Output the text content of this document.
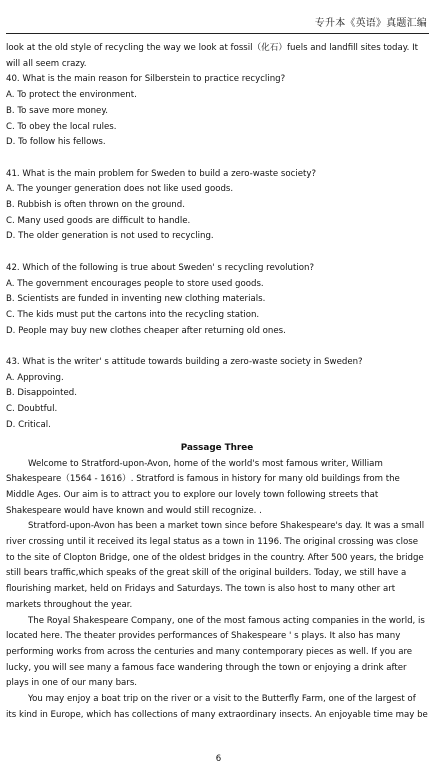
专升本《英语》真题汇编
look at the old style of recycling the way we look at fossil（化石）fuels and landfill sites today. It
will all seem crazy.
40. What is the main reason for Silberstein to practice recycling?
A. To protect the environment.
B. To save more money.
C. To obey the local rules.
D. To follow his fellows.
41. What is the main problem for Sweden to build a zero-waste society?
A. The younger generation does not like used goods.
B. Rubbish is often thrown on the ground.
C. Many used goods are difficult to handle.
D. The older generation is not used to recycling.
42. Which of the following is true about Sweden' s recycling revolution?
A. The government encourages people to store used goods.
B. Scientists are funded in inventing new clothing materials.
C. The kids must put the cartons into the recycling station.
D. People may buy new clothes cheaper after returning old ones.
43. What is the writer' s attitude towards building a zero-waste society in Sweden?
A. Approving.
B. Disappointed.
C. Doubtful.
D. Critical.
Passage Three
Welcome to Stratford-upon-Avon, home of the world's most famous writer, William Shakespeare（1564 - 1616）. Stratford is famous in history for many old buildings from the Middle Ages. Our aim is to attract you to explore our lovely town following streets that Shakespeare would have known and would still recognize. .
Stratford-upon-Avon has been a market town since before Shakespeare's day. It was a small river crossing until it received its legal status as a town in 1196. The original crossing was close to the site of Clopton Bridge, one of the oldest bridges in the country. After 500 years, the bridge still bears traffic,which speaks of the great skill of the original builders. Today, we still have a flourishing market, held on Fridays and Saturdays. The town is also host to many other art markets throughout the year.
The Royal Shakespeare Company, one of the most famous acting companies in the world, is located here. The theater provides performances of Shakespeare ' s plays. It also has many performing works from across the centuries and many contemporary pieces as well. If you are lucky, you will see many a famous face wandering through the town or enjoying a drink after plays in one of our many bars.
You may enjoy a boat trip on the river or a visit to the Butterfly Farm, one of the largest of its kind in Europe, which has collections of many extraordinary insects. An enjoyable time may be
6
